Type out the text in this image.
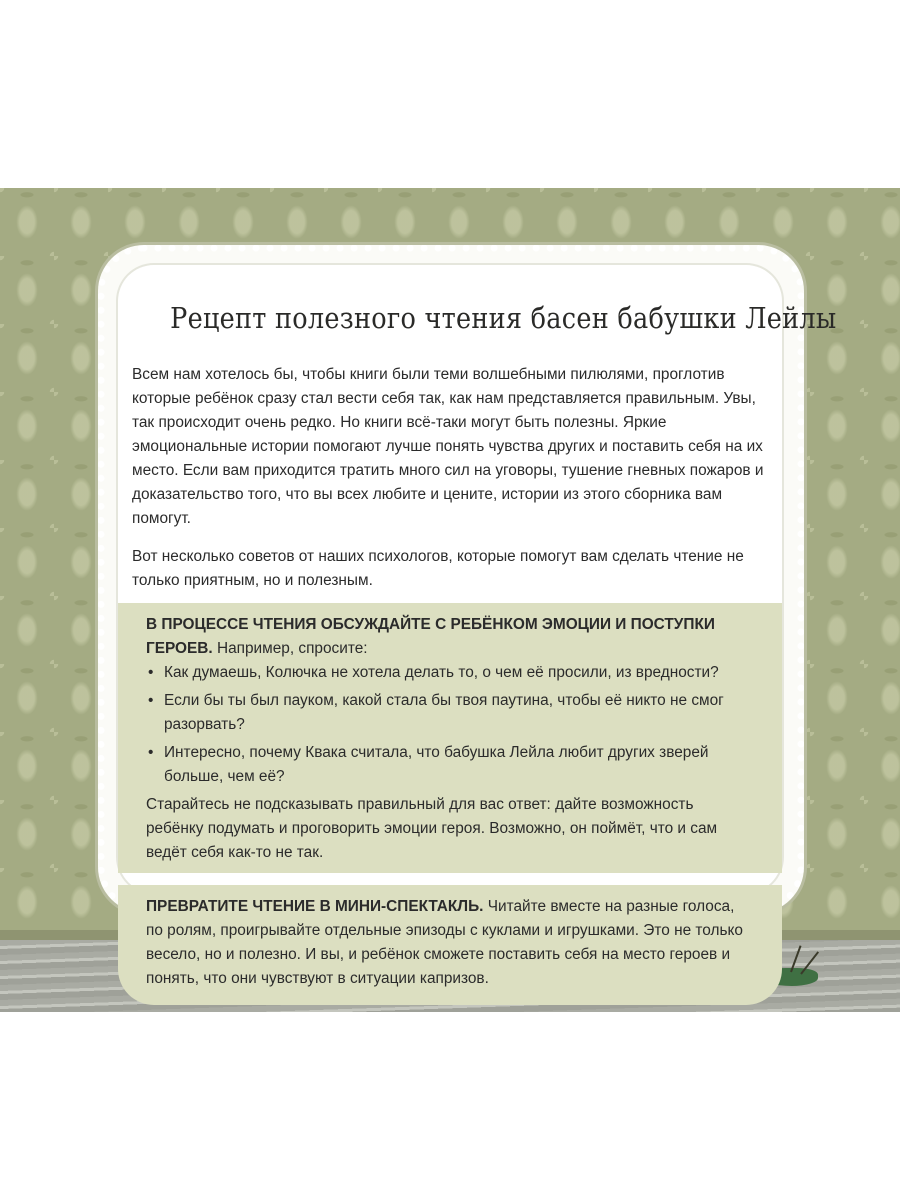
Рецепт полезного чтения басен бабушки Лейлы

Всем нам хотелось бы, чтобы книги были теми волшебными пилюлями, проглотив которые ребёнок сразу стал вести себя так, как нам представляется правильным. Увы, так происходит очень редко. Но книги всё-таки могут быть полезны. Яркие эмоциональные истории помогают лучше понять чувства других и поставить себя на их место. Если вам приходится тратить много сил на уговоры, тушение гневных пожаров и доказательство того, что вы всех любите и цените, истории из этого сборника вам помогут.

Вот несколько советов от наших психологов, которые помогут вам сделать чтение не только приятным, но и полезным.

В ПРОЦЕССЕ ЧТЕНИЯ ОБСУЖДАЙТЕ С РЕБЁНКОМ ЭМОЦИИ И ПОСТУПКИ ГЕРОЕВ. Например, спросите:

• Как думаешь, Колючка не хотела делать то, о чем её просили, из вредности?
• Если бы ты был пауком, какой стала бы твоя паутина, чтобы её никто не смог разорвать?
• Интересно, почему Квака считала, что бабушка Лейла любит других зверей больше, чем её?

Старайтесь не подсказывать правильный для вас ответ: дайте возможность ребёнку подумать и проговорить эмоции героя. Возможно, он поймёт, что и сам ведёт себя как-то не так.

ПРЕВРАТИТЕ ЧТЕНИЕ В МИНИ-СПЕКТАКЛЬ. Читайте вместе на разные голоса, по ролям, проигрывайте отдельные эпизоды с куклами и игрушками. Это не только весело, но и полезно. И вы, и ребёнок сможете поставить себя на место героев и понять, что они чувствуют в ситуации капризов.
